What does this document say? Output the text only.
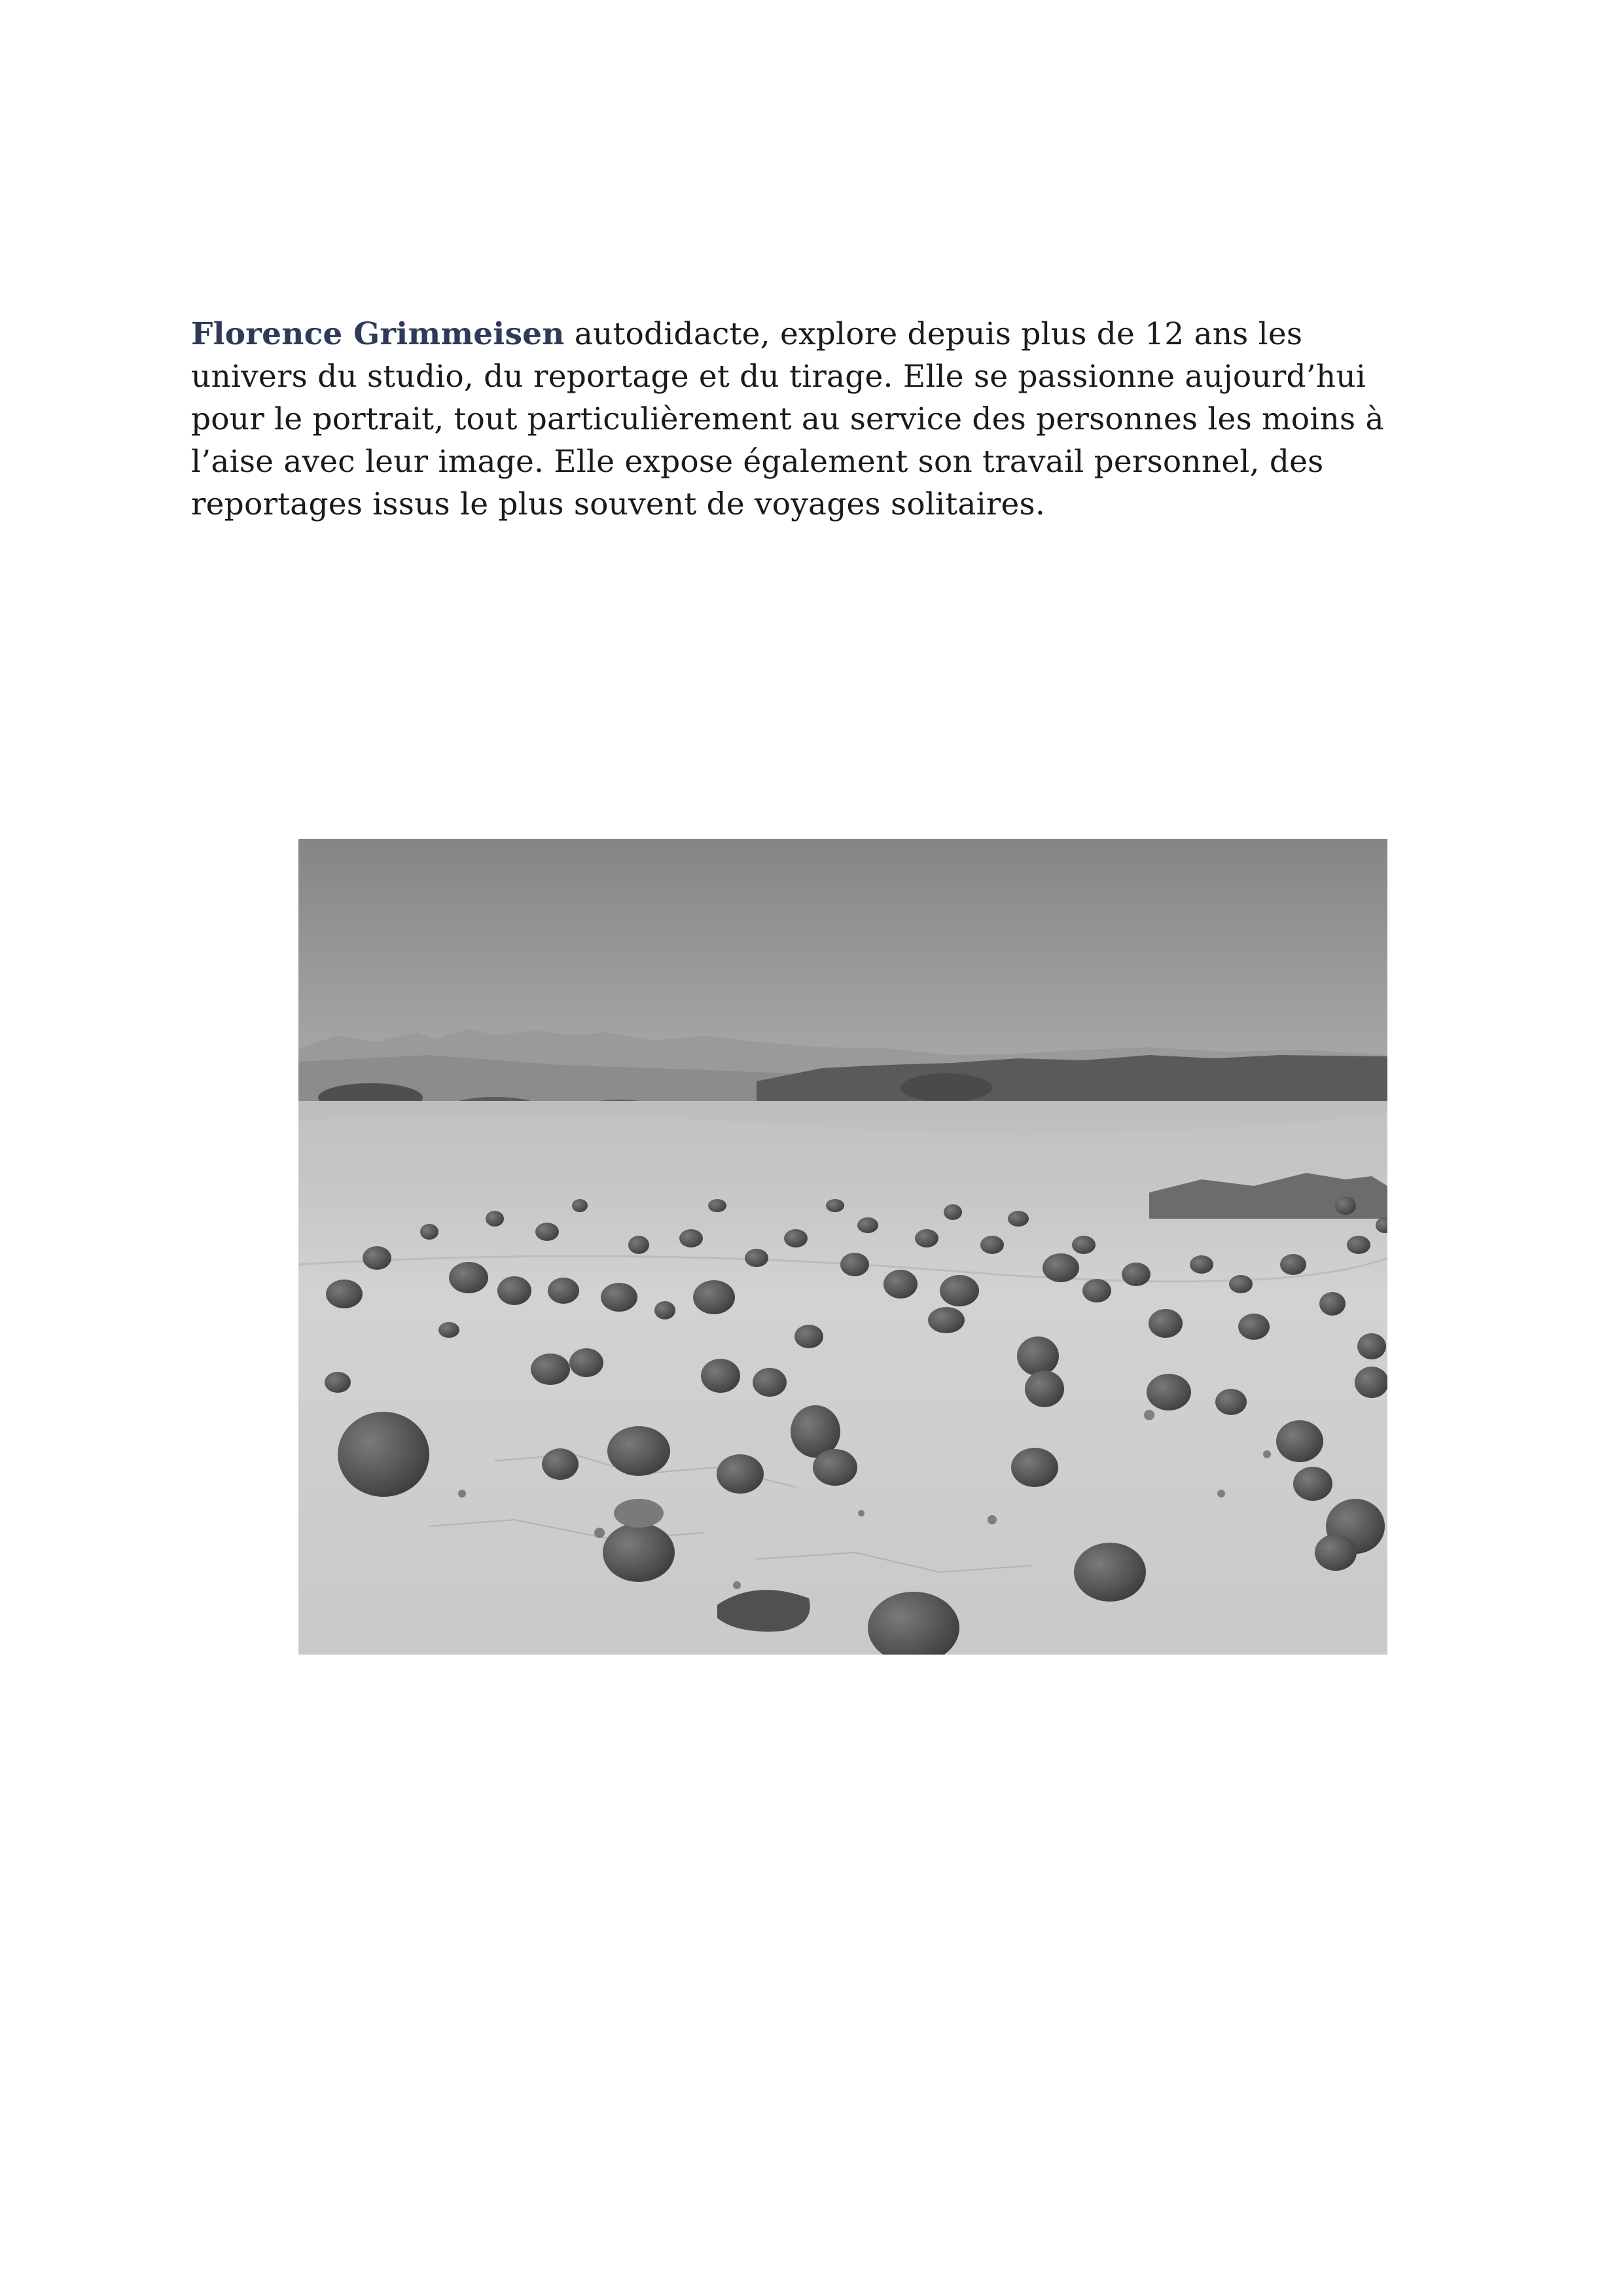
Florence Grimmeisen autodidacte, explore depuis plus de 12 ans les
univers du studio, du reportage et du tirage. Elle se passionne aujourd’hui
pour le portrait, tout particulièrement au service des personnes les moins à
l’aise avec leur image. Elle expose également son travail personnel, des
reportages issus le plus souvent de voyages solitaires.
